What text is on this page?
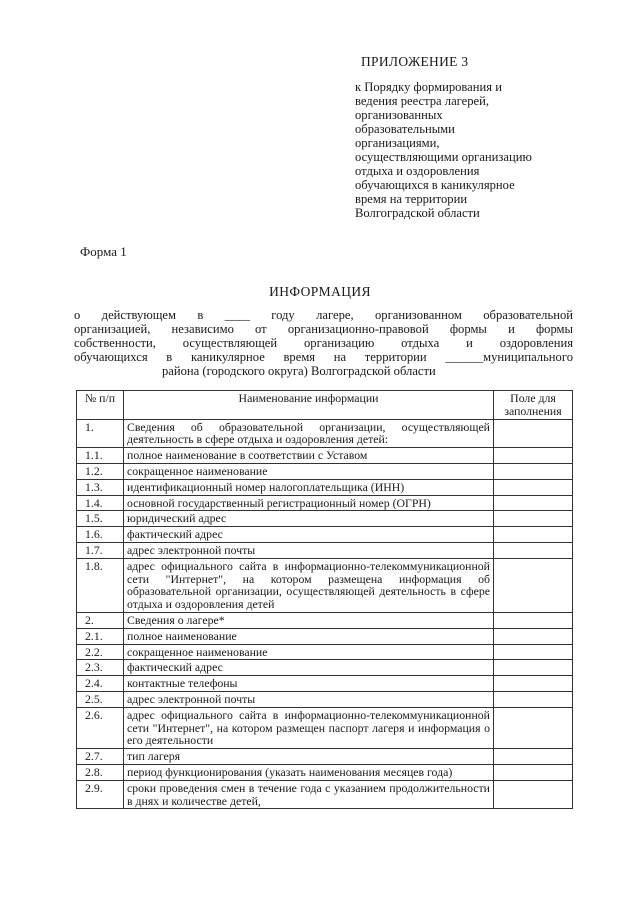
ПРИЛОЖЕНИЕ 3
к Порядку формирования и
ведения реестра лагерей,
организованных
образовательными
организациями,
осуществляющими организацию
отдыха и оздоровления
обучающихся в каникулярное
время на территории
Волгоградской области
Форма 1
ИНФОРМАЦИЯ
о действующем в ____ году лагере, организованном образовательной
организацией, независимо от организационно-правовой формы и формы
собственности, осуществляющей организацию отдыха и оздоровления
обучающихся в каникулярное время на территории ______муниципального
района (городского округа) Волгоградской области
№ п/п	Наименование информации	Поле для заполнения
1.	Сведения об образовательной организации, осуществляющей деятельность в сфере отдыха и оздоровления детей:	
1.1.	полное наименование в соответствии с Уставом	
1.2.	сокращенное наименование	
1.3.	идентификационный номер налогоплательщика (ИНН)	
1.4.	основной государственный регистрационный номер (ОГРН)	
1.5.	юридический адрес	
1.6.	фактический адрес	
1.7.	адрес электронной почты	
1.8.	адрес официального сайта в информационно-телекоммуникационной сети "Интернет", на котором размещена информация об образовательной организации, осуществляющей деятельность в сфере отдыха и оздоровления детей	
2.	Сведения о лагере*	
2.1.	полное наименование	
2.2.	сокращенное наименование	
2.3.	фактический адрес	
2.4.	контактные телефоны	
2.5.	адрес электронной почты	
2.6.	адрес официального сайта в информационно-телекоммуникационной сети "Интернет", на котором размещен паспорт лагеря и информация о его деятельности	
2.7.	тип лагеря	
2.8.	период функционирования (указать наименования месяцев года)	
2.9.	сроки проведения смен в течение года с указанием продолжительности в днях и количестве детей,	
